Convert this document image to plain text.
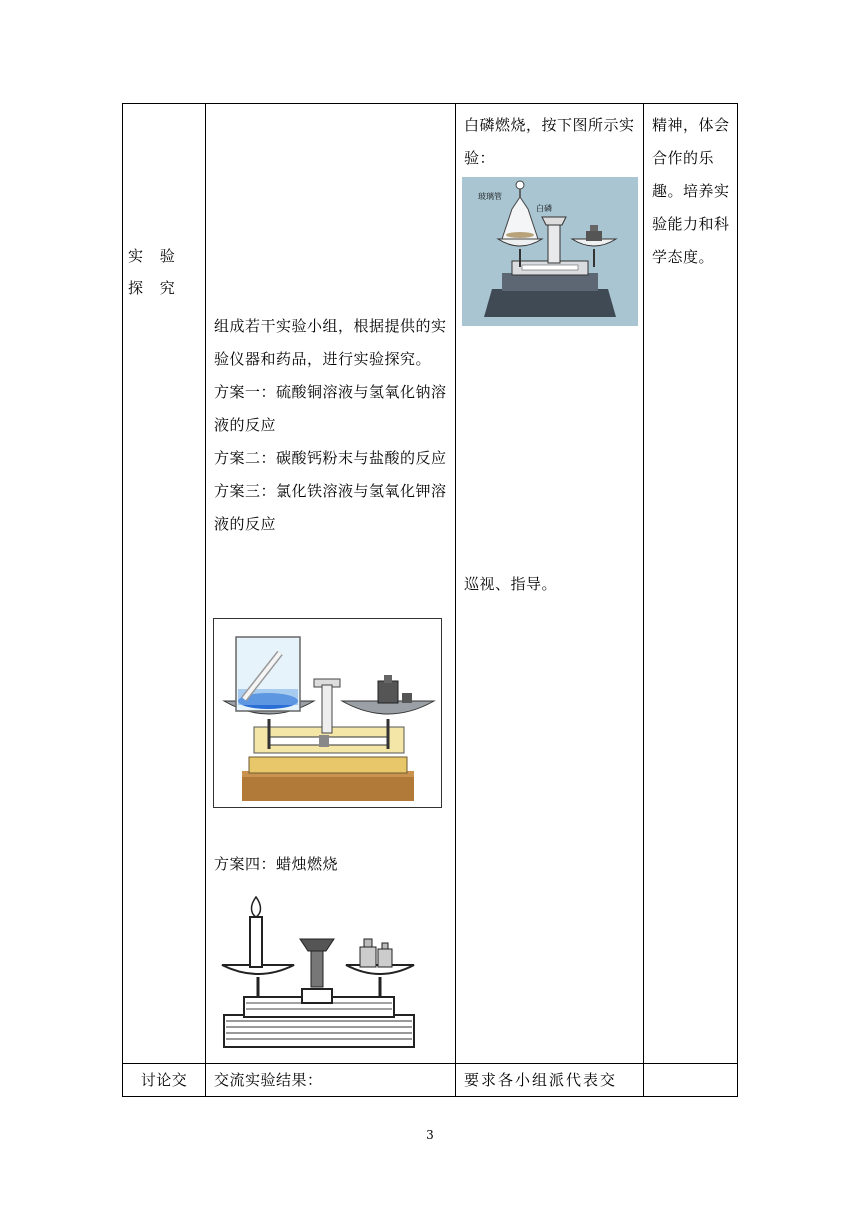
实 验 探 究
讨论交

组成若干实验小组，根据提供的实验仪器和药品，进行实验探究。

方案一：硫酸铜溶液与氢氧化钠溶液的反应

方案二：碳酸钙粉末与盐酸的反应

方案三：氯化铁溶液与氢氧化钾溶液的反应

方案四：蜡烛燃烧
交流实验结果：
白磷燃烧，按下图所示实验：
玻璃管
白磷
巡视、指导。
要求各小组派代表交
精神，体会合作的乐趣。培养实验能力和科学态度。
3
